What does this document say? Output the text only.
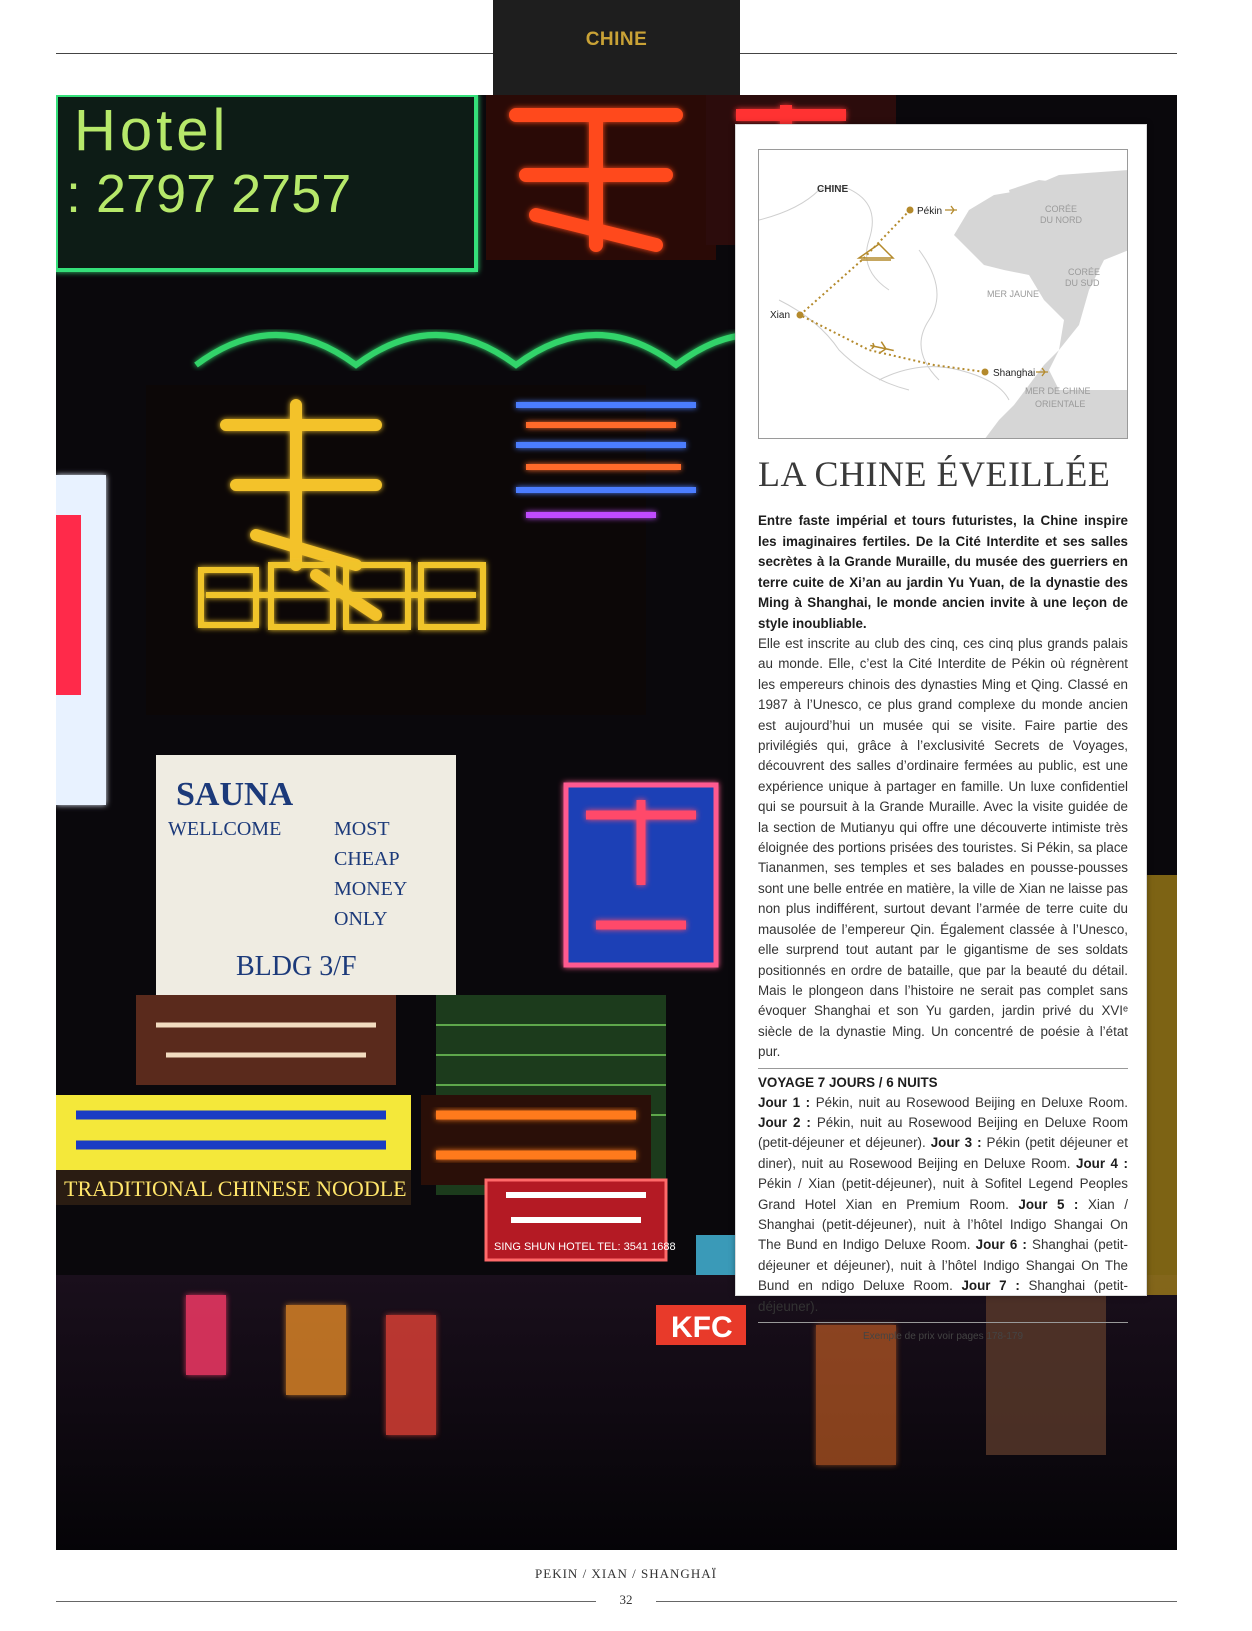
CHINE
Hotel
: 2797 2757
SAUNA
WELLCOME	MOST
CHEAP
MONEY
ONLY
BLDG 3/F
TRADITIONAL CHINESE NOODLE
SING SHUN HOTEL TEL: 3541 1688
KFC
CHINE
Pékin
Xian
Shanghai
CORÉE
DU NORD
CORÉE
DU SUD
MER JAUNE
MER DE CHINE
ORIENTALE
LA CHINE ÉVEILLÉE

Entre faste impérial et tours futuristes, la Chine inspire les imaginaires fertiles. De la Cité Interdite et ses salles secrètes à la Grande Muraille, du musée des guerriers en terre cuite de Xi’an au jardin Yu Yuan, de la dynastie des Ming à Shanghai, le monde ancien invite à une leçon de style inoubliable.

Elle est inscrite au club des cinq, ces cinq plus grands palais au monde. Elle, c’est la Cité Interdite de Pékin où régnèrent les empereurs chinois des dynasties Ming et Qing. Classé en 1987 à l’Unesco, ce plus grand complexe du monde ancien est aujourd’hui un musée qui se visite. Faire partie des privilégiés qui, grâce à l’exclusivité Secrets de Voyages, découvrent des salles d’ordinaire fermées au public, est une expérience unique à partager en famille. Un luxe confidentiel qui se poursuit à la Grande Muraille. Avec la visite guidée de la section de Mutianyu qui offre une découverte intimiste très éloignée des portions prisées des touristes. Si Pékin, sa place Tiananmen, ses temples et ses balades en pousse-pousses sont une belle entrée en matière, la ville de Xian ne laisse pas non plus indifférent, surtout devant l’armée de terre cuite du mausolée de l’empereur Qin. Également classée à l’Unesco, elle surprend tout autant par le gigantisme de ses soldats positionnés en ordre de bataille, que par la beauté du détail. Mais le plongeon dans l’histoire ne serait pas complet sans évoquer Shanghai et son Yu garden, jardin privé du XVIᵉ siècle de la dynastie Ming. Un concentré de poésie à l’état pur.

VOYAGE 7 JOURS / 6 NUITS

Jour 1 : Pékin, nuit au Rosewood Beijing en Deluxe Room. Jour 2 : Pékin, nuit au Rosewood Beijing en Deluxe Room (petit-déjeuner et déjeuner). Jour 3 : Pékin (petit déjeuner et diner), nuit au Rosewood Beijing en Deluxe Room. Jour 4 : Pékin / Xian (petit-déjeuner), nuit à Sofitel Legend Peoples Grand Hotel Xian en Premium Room. Jour 5 : Xian / Shanghai (petit-déjeuner), nuit à l’hôtel Indigo Shangai On The Bund en Indigo Deluxe Room. Jour 6 : Shanghai (petit-déjeuner et déjeuner), nuit à l’hôtel Indigo Shangai On The Bund en ndigo Deluxe Room. Jour 7 : Shanghai (petit-déjeuner).

Exemple de prix voir pages 178-179

PEKIN / XIAN / SHANGHAÏ
32
